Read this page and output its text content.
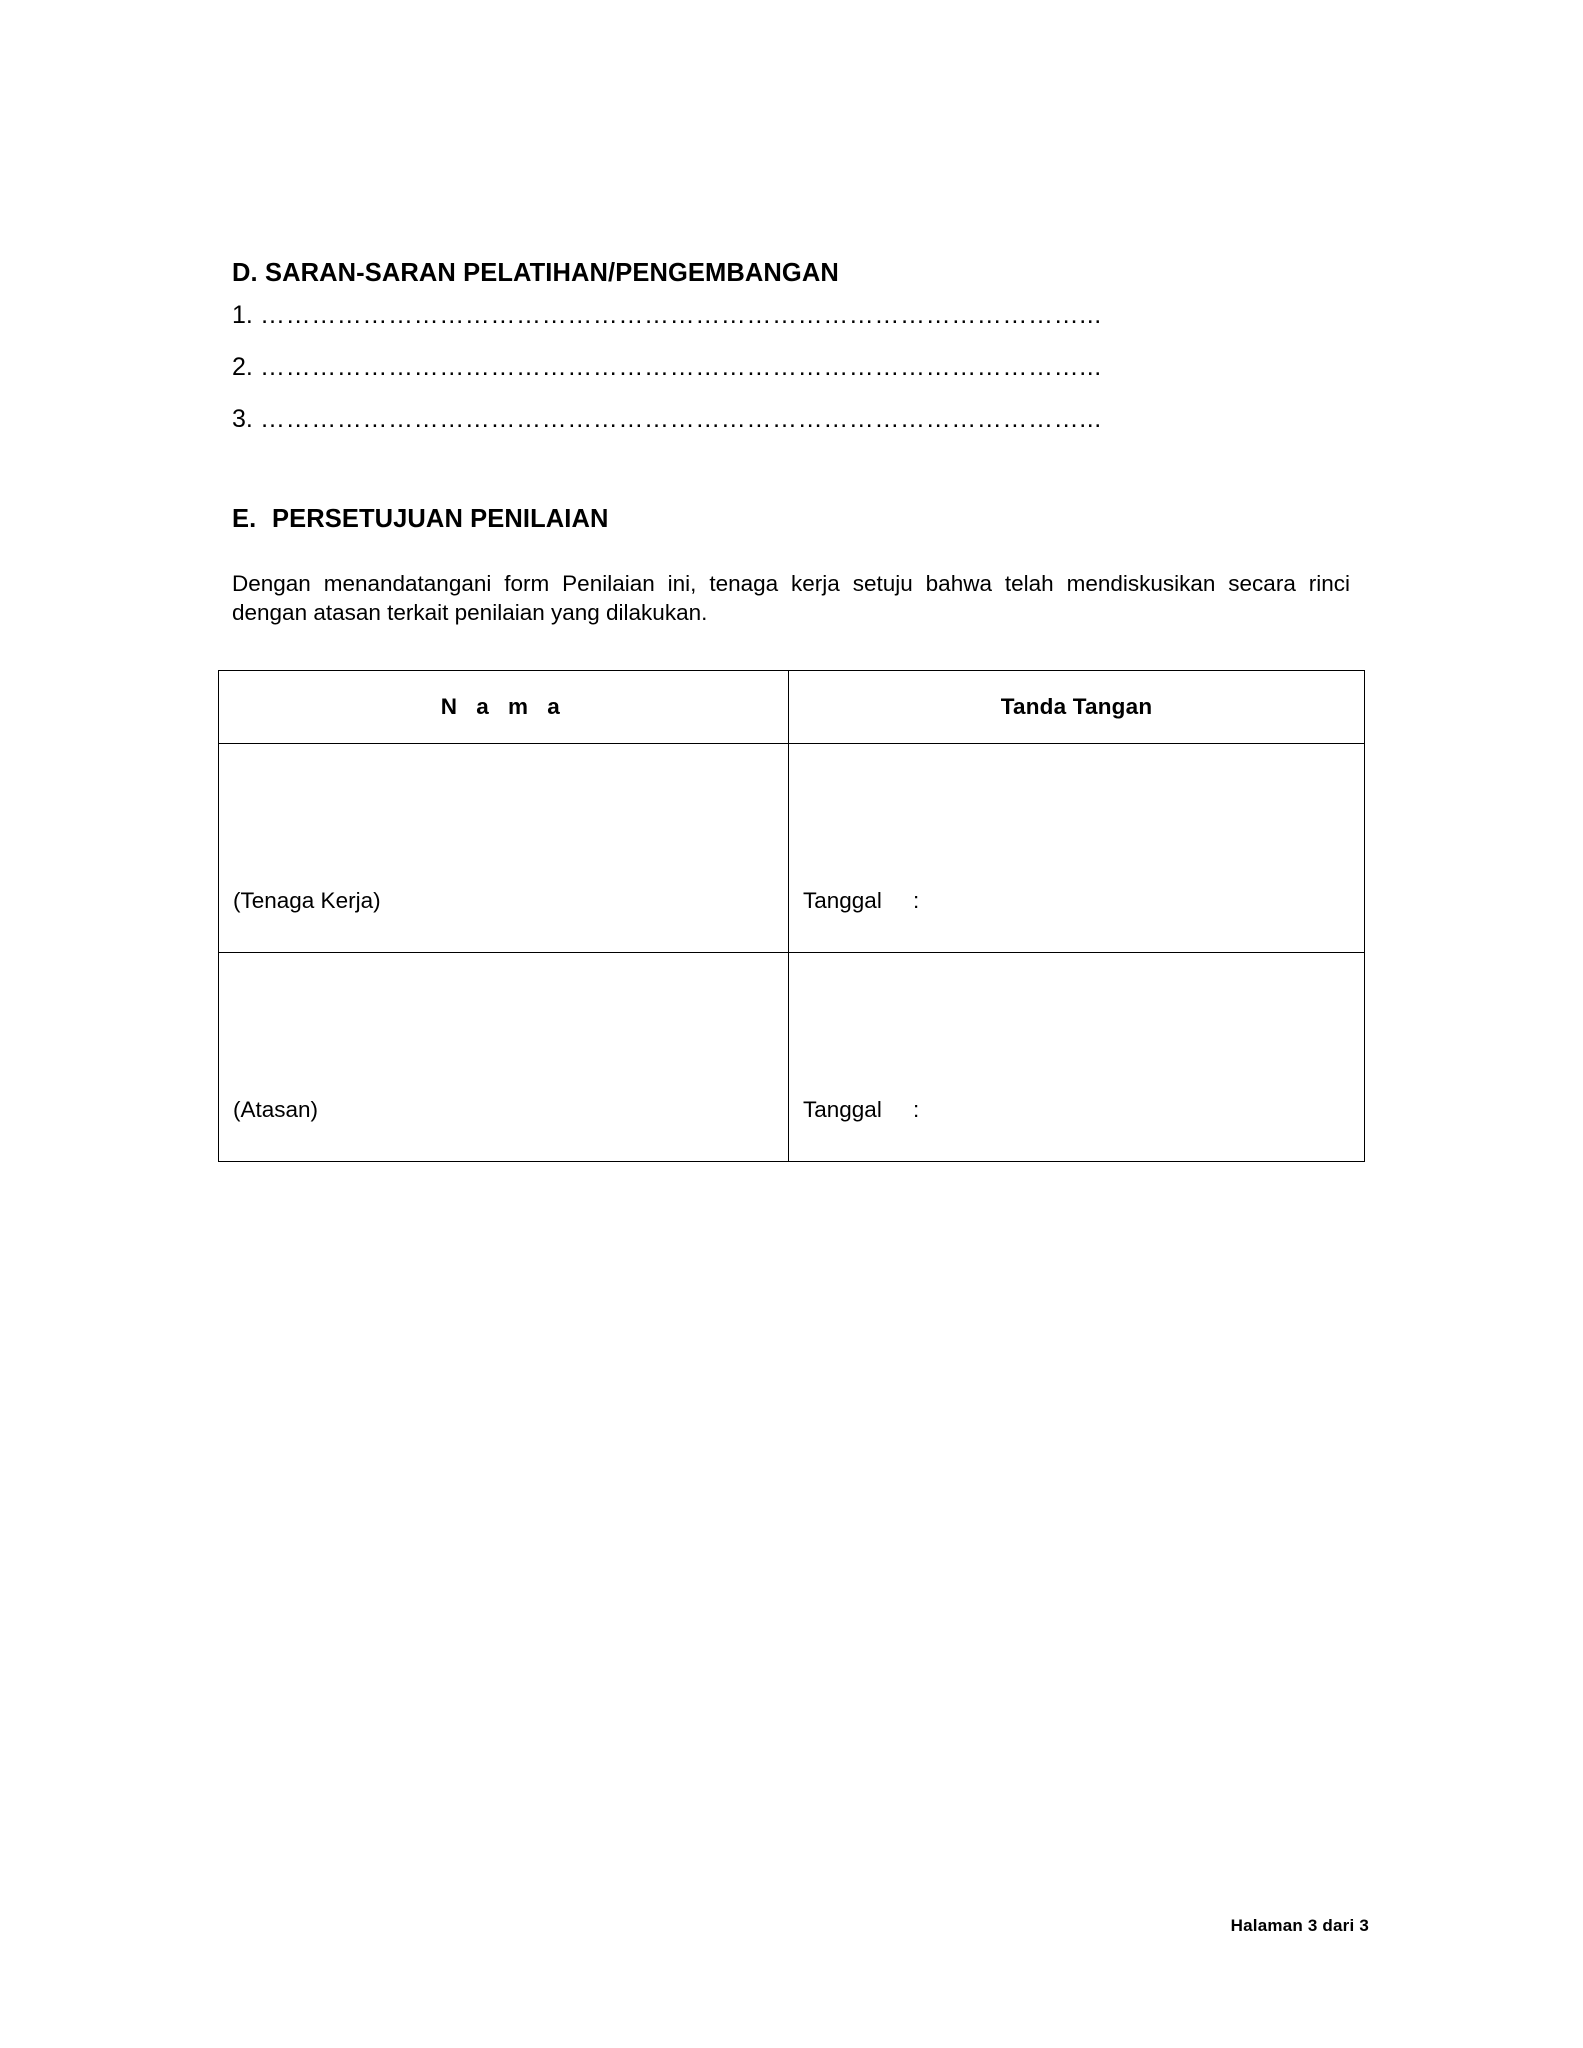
D. SARAN-SARAN PELATIHAN/PENGEMBANGAN
1. ……………………………………………………………………………………...
2. ……………………………………………………………………………………...
3. ……………………………………………………………………………………...
E. PERSETUJUAN PENILAIAN
Dengan menandatangani form Penilaian ini, tenaga kerja setuju bahwa telah mendiskusikan secara rinci dengan atasan terkait penilaian yang dilakukan.
N a m a	Tanda Tangan

(Tenaga Kerja)	Tanggal :

(Atasan)	Tanggal :
Halaman 3 dari 3
